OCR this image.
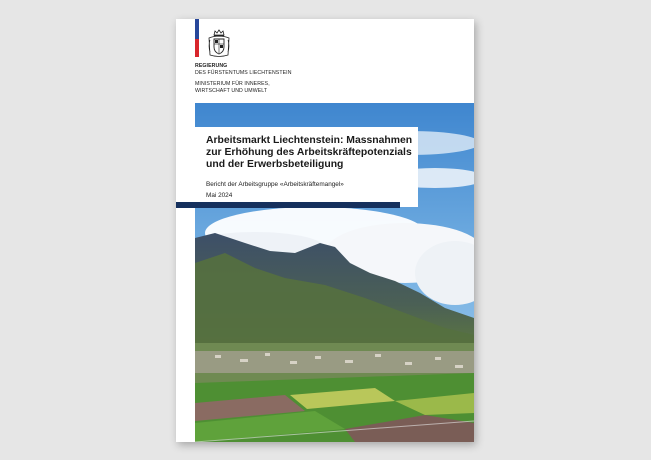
REGIERUNG
DES FÜRSTENTUMS LIECHTENSTEIN
MINISTERIUM FÜR INNERES,
WIRTSCHAFT UND UMWELT
Arbeitsmarkt Liechtenstein: Massnahmen
zur Erhöhung des Arbeitskräftepotenzials
und der Erwerbsbeteiligung
Bericht der Arbeitsgruppe «Arbeitskräftemangel»
Mai 2024
